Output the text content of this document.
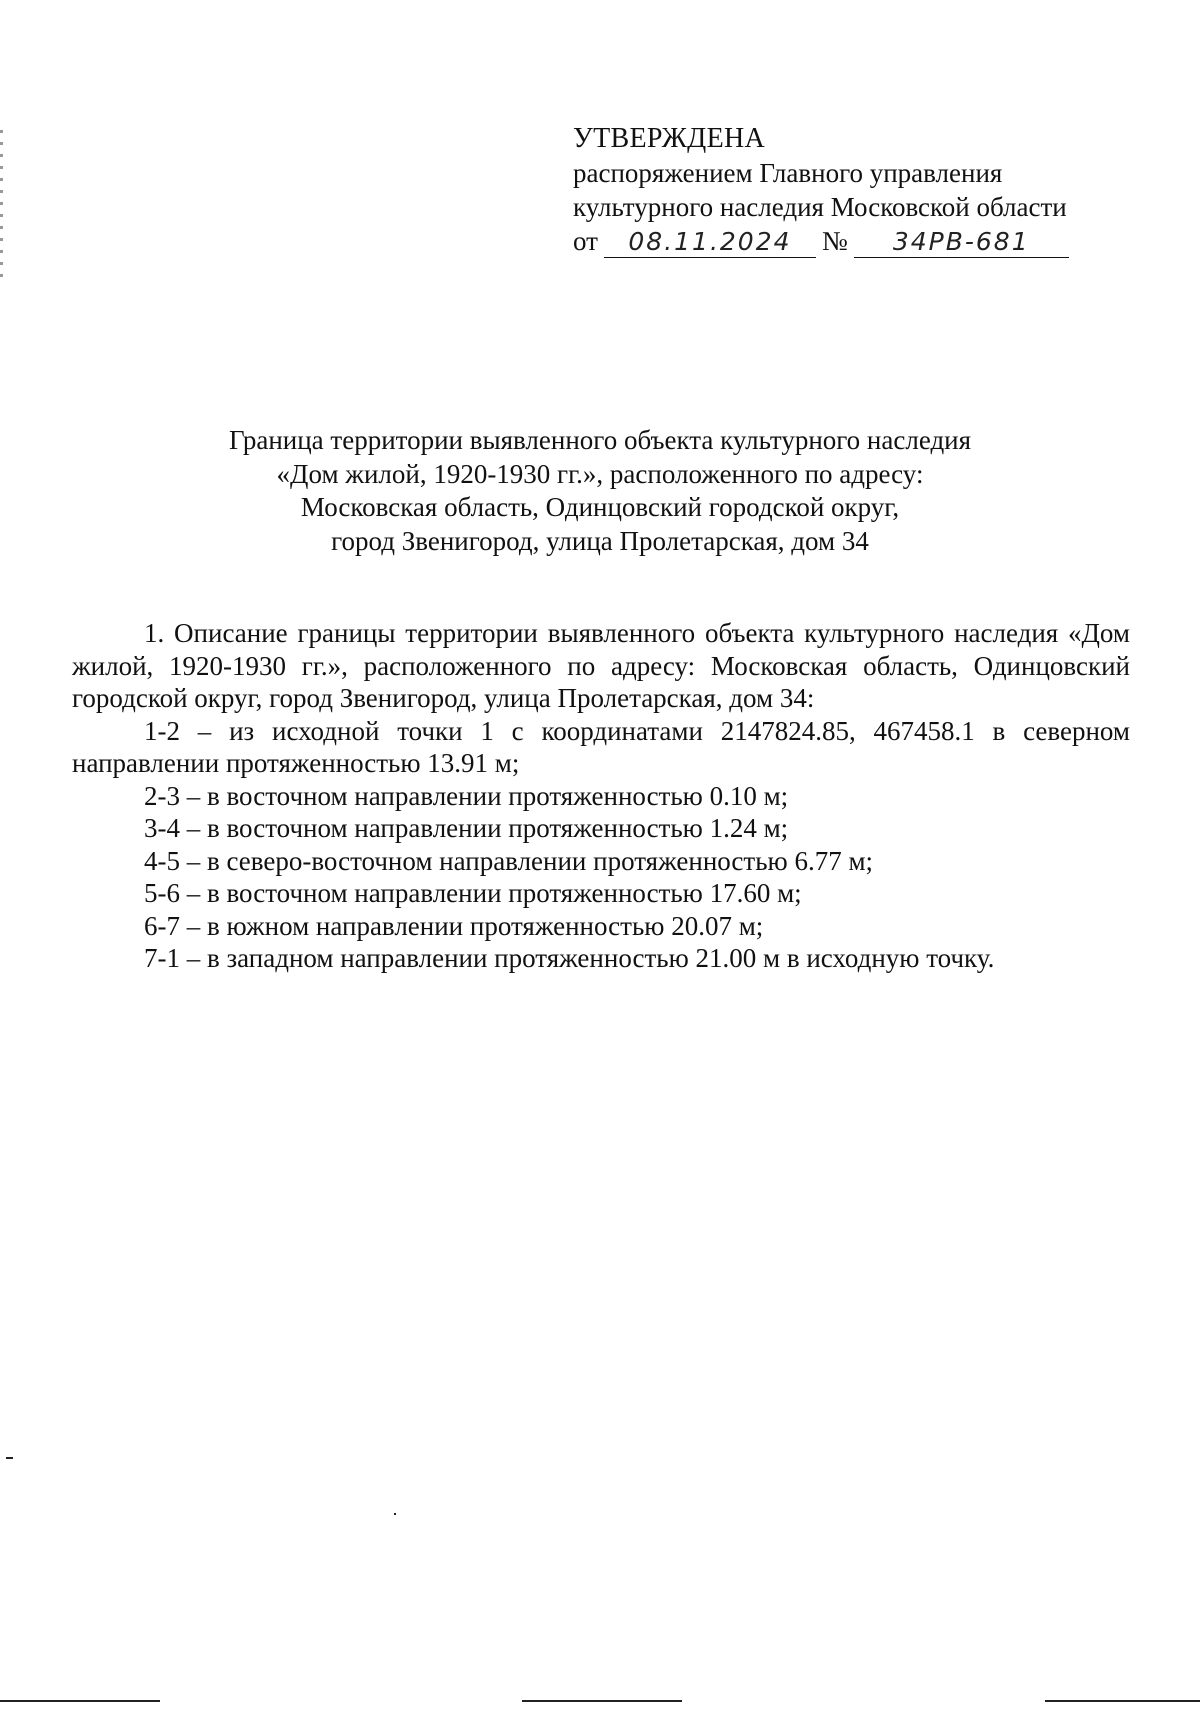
УТВЕРЖДЕНА
распоряжением Главного управления
культурного наследия Московской области
от	08.11.2024	№	34РВ-681
Граница территории выявленного объекта культурного наследия
«Дом жилой, 1920-1930 гг.», расположенного по адресу:
Московская область, Одинцовский городской округ,
город Звенигород, улица Пролетарская, дом 34

1. Описание границы территории выявленного объекта культурного наследия «Дом жилой, 1920-1930 гг.», расположенного по адресу: Московская область, Одинцовский городской округ, город Звенигород, улица Пролетарская, дом 34:

1-2 – из исходной точки 1 с координатами 2147824.85, 467458.1 в северном направлении протяженностью 13.91 м;

2-3 – в восточном направлении протяженностью 0.10 м;

3-4 – в восточном направлении протяженностью 1.24 м;

4-5 – в северо-восточном направлении протяженностью 6.77 м;

5-6 – в восточном направлении протяженностью 17.60 м;

6-7 – в южном направлении протяженностью 20.07 м;

7-1 – в западном направлении протяженностью 21.00 м в исходную точку.
